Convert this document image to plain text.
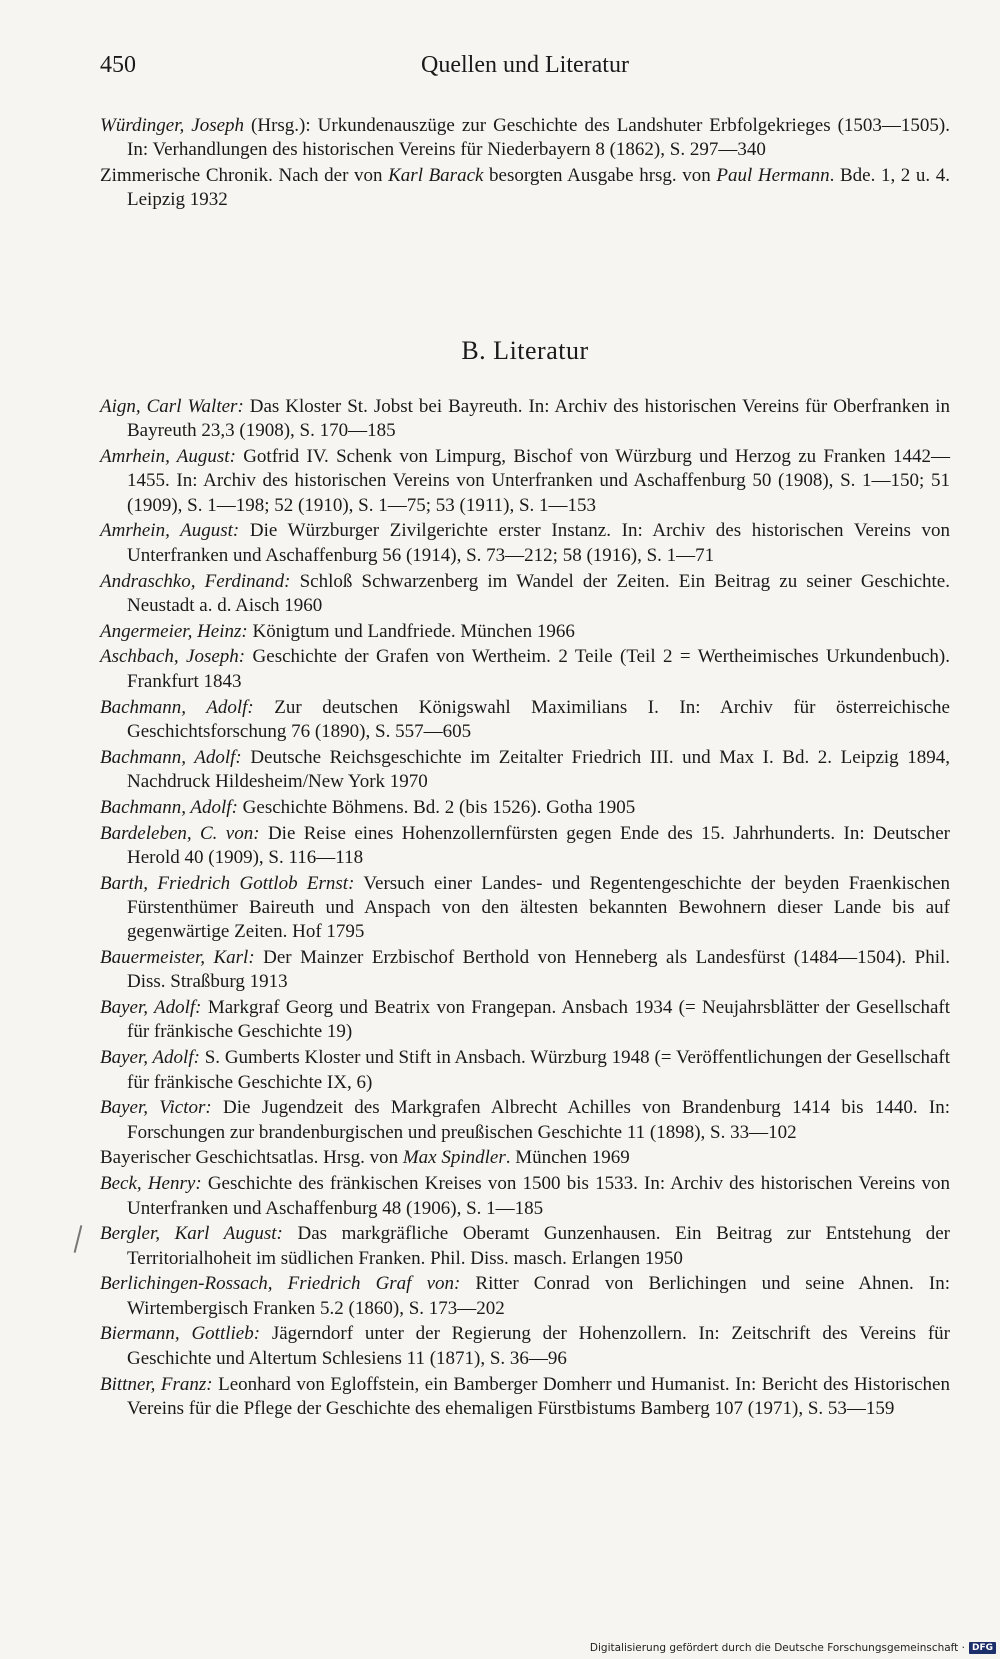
450	Quellen und Literatur

Würdinger, Joseph (Hrsg.): Urkundenauszüge zur Geschichte des Landshuter Erbfolgekrieges (1503—1505). In: Verhandlungen des historischen Vereins für Niederbayern 8 (1862), S. 297—340

Zimmerische Chronik. Nach der von Karl Barack besorgten Ausgabe hrsg. von Paul Hermann. Bde. 1, 2 u. 4. Leipzig 1932

B. Literatur

Aign, Carl Walter: Das Kloster St. Jobst bei Bayreuth. In: Archiv des historischen Vereins für Oberfranken in Bayreuth 23,3 (1908), S. 170—185

Amrhein, August: Gotfrid IV. Schenk von Limpurg, Bischof von Würzburg und Herzog zu Franken 1442—1455. In: Archiv des historischen Vereins von Unterfranken und Aschaffenburg 50 (1908), S. 1—150; 51 (1909), S. 1—198; 52 (1910), S. 1—75; 53 (1911), S. 1—153

Amrhein, August: Die Würzburger Zivilgerichte erster Instanz. In: Archiv des historischen Vereins von Unterfranken und Aschaffenburg 56 (1914), S. 73—212; 58 (1916), S. 1—71

Andraschko, Ferdinand: Schloß Schwarzenberg im Wandel der Zeiten. Ein Beitrag zu seiner Geschichte. Neustadt a. d. Aisch 1960

Angermeier, Heinz: Königtum und Landfriede. München 1966

Aschbach, Joseph: Geschichte der Grafen von Wertheim. 2 Teile (Teil 2 = Wertheimisches Urkundenbuch). Frankfurt 1843

Bachmann, Adolf: Zur deutschen Königswahl Maximilians I. In: Archiv für österreichische Geschichtsforschung 76 (1890), S. 557—605

Bachmann, Adolf: Deutsche Reichsgeschichte im Zeitalter Friedrich III. und Max I. Bd. 2. Leipzig 1894, Nachdruck Hildesheim/New York 1970

Bachmann, Adolf: Geschichte Böhmens. Bd. 2 (bis 1526). Gotha 1905

Bardeleben, C. von: Die Reise eines Hohenzollernfürsten gegen Ende des 15. Jahrhunderts. In: Deutscher Herold 40 (1909), S. 116—118

Barth, Friedrich Gottlob Ernst: Versuch einer Landes- und Regentengeschichte der beyden Fraenkischen Fürstenthümer Baireuth und Anspach von den ältesten bekannten Bewohnern dieser Lande bis auf gegenwärtige Zeiten. Hof 1795

Bauermeister, Karl: Der Mainzer Erzbischof Berthold von Henneberg als Landesfürst (1484—1504). Phil. Diss. Straßburg 1913

Bayer, Adolf: Markgraf Georg und Beatrix von Frangepan. Ansbach 1934 (= Neujahrsblätter der Gesellschaft für fränkische Geschichte 19)

Bayer, Adolf: S. Gumberts Kloster und Stift in Ansbach. Würzburg 1948 (= Veröffentlichungen der Gesellschaft für fränkische Geschichte IX, 6)

Bayer, Victor: Die Jugendzeit des Markgrafen Albrecht Achilles von Brandenburg 1414 bis 1440. In: Forschungen zur brandenburgischen und preußischen Geschichte 11 (1898), S. 33—102

Bayerischer Geschichtsatlas. Hrsg. von Max Spindler. München 1969

Beck, Henry: Geschichte des fränkischen Kreises von 1500 bis 1533. In: Archiv des historischen Vereins von Unterfranken und Aschaffenburg 48 (1906), S. 1—185

Bergler, Karl August: Das markgräfliche Oberamt Gunzenhausen. Ein Beitrag zur Entstehung der Territorialhoheit im südlichen Franken. Phil. Diss. masch. Erlangen 1950

Berlichingen-Rossach, Friedrich Graf von: Ritter Conrad von Berlichingen und seine Ahnen. In: Wirtembergisch Franken 5.2 (1860), S. 173—202

Biermann, Gottlieb: Jägerndorf unter der Regierung der Hohenzollern. In: Zeitschrift des Vereins für Geschichte und Altertum Schlesiens 11 (1871), S. 36—96

Bittner, Franz: Leonhard von Egloffstein, ein Bamberger Domherr und Humanist. In: Bericht des Historischen Vereins für die Pflege der Geschichte des ehemaligen Fürstbistums Bamberg 107 (1971), S. 53—159

Digitalisierung gefördert durch die Deutsche Forschungsgemeinschaft · DFG
